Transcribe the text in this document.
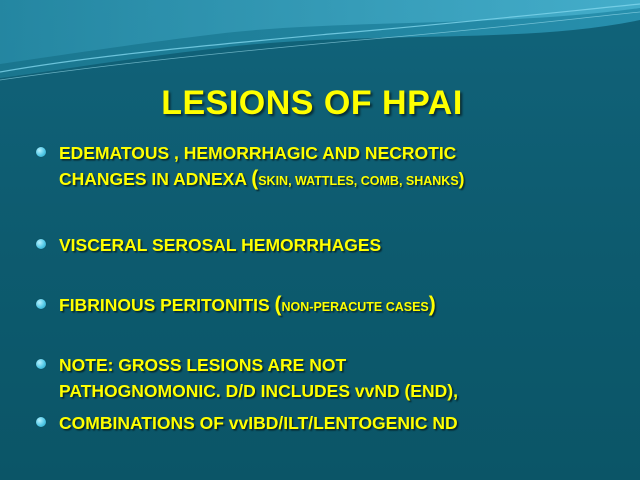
LESIONS OF HPAI
EDEMATOUS , HEMORRHAGIC AND NECROTIC
CHANGES IN ADNEXA (SKIN, WATTLES, COMB, SHANKS)
VISCERAL SEROSAL HEMORRHAGES
FIBRINOUS PERITONITIS (NON-PERACUTE CASES)
NOTE: GROSS LESIONS ARE NOT
PATHOGNOMONIC. D/D INCLUDES vvND (END),
COMBINATIONS OF vvIBD/ILT/LENTOGENIC ND
